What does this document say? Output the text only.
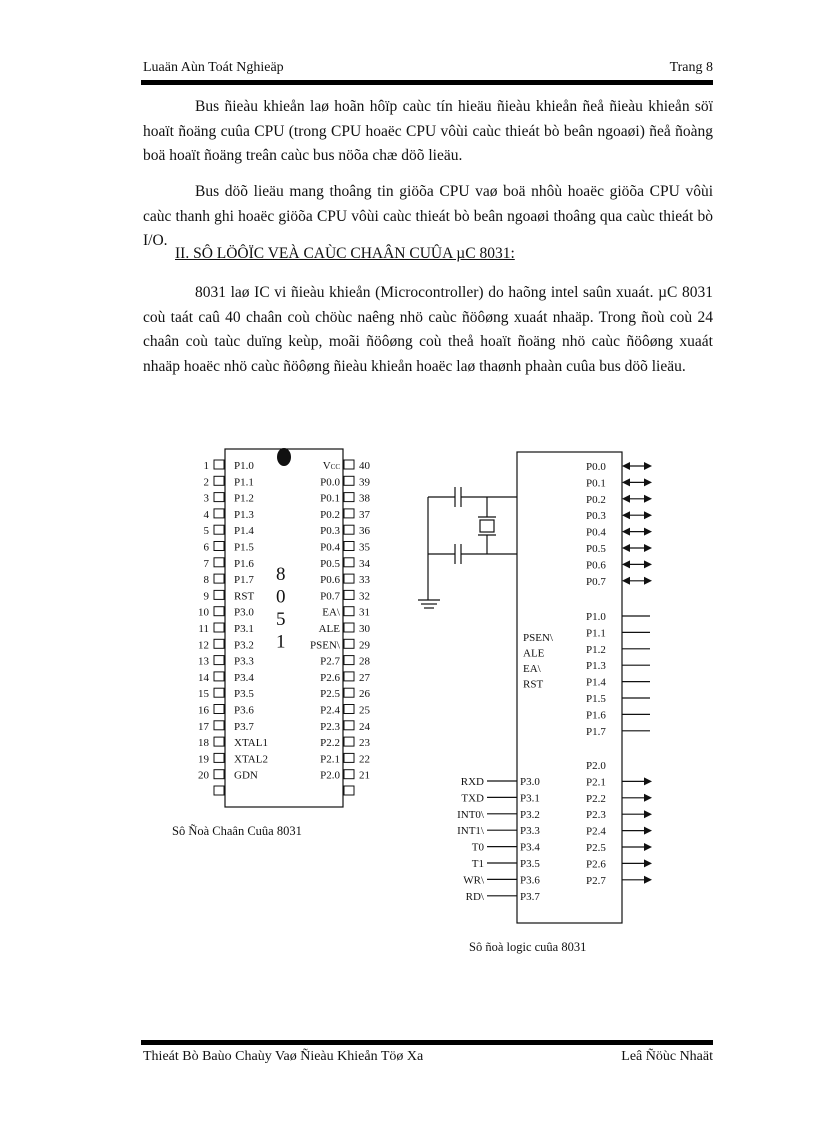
Luaän Aùn Toát Nghieäp	Trang 8

Bus ñieàu khieån laø hoãn hôïp caùc tín hieäu ñieàu khieån ñeå ñieàu khieån söï hoaït ñoäng cuûa CPU (trong CPU hoaëc CPU vôùi caùc thieát bò beân ngoaøi) ñeå ñoàng boä hoaït ñoäng treân caùc bus nöõa chæ döõ lieäu.

Bus döõ lieäu mang thoâng tin giöõa CPU vaø boä nhôù hoaëc giöõa CPU vôùi caùc thanh ghi hoaëc giöõa CPU vôùi caùc thieát bò beân ngoaøi thoâng qua caùc thieát bò I/O.

II. SÔ LÖÔÏC VEÀ CAÙC CHAÂN CUÛA µC 8031:

8031 laø IC vi ñieàu khieån (Microcontroller) do haõng intel saûn xuaát. µC 8031 coù taát caû 40 chaân coù chöùc naêng nhö caùc ñöôøng xuaát nhaäp. Trong ñoù coù 24 chaân coù taùc duïng keùp, moãi ñöôøng coù theå hoaït ñoäng nhö caùc ñöôøng xuaát nhaäp hoaëc nhö caùc ñöôøng ñieàu khieån hoaëc laø thaønh phaàn cuûa bus döõ lieäu.

1 P1.0
2 P1.1
3 P1.2
4 P1.3
5 P1.4
6 P1.5
7 P1.6
8 P1.7
9 RST
10 P3.0
11 P3.1
12 P3.2
13 P3.3
14 P3.4
15 P3.5
16 P3.6
17 P3.7
18 XTAL1
19 XTAL2
20 GDN
40
VCC
39
P0.0
38
P0.1
37
P0.2
36
P0.3
35
P0.4
34
P0.5
33
P0.6
32
P0.7
31
EA\
30
ALE
29
PSEN\
28
P2.7
27
P2.6
26
P2.5
25
P2.4
24
P2.3
23
P2.2
22
P2.1
21
P2.0
8
0
5
1
Sô Ñoà Chaân Cuûa 8031
P0.0
P0.1
P0.2
P0.3
P0.4
P0.5
P0.6
P0.7
P1.0
P1.1
P1.2
P1.3
P1.4
P1.5
P1.6
P1.7
P2.0
P2.1
P2.2
P2.3
P2.4
P2.5
P2.6
P2.7
PSEN\
ALE
EA\
RST
P3.0
RXD
P3.1
TXD
P3.2
INT0\
P3.3
INT1\
P3.4
T0
P3.5
T1
P3.6
WR\
P3.7
RD\
Sô ñoà logic cuûa 8031
Thieát Bò Baùo Chaùy Vaø Ñieàu Khieån Töø Xa	Leâ Ñöùc Nhaät
